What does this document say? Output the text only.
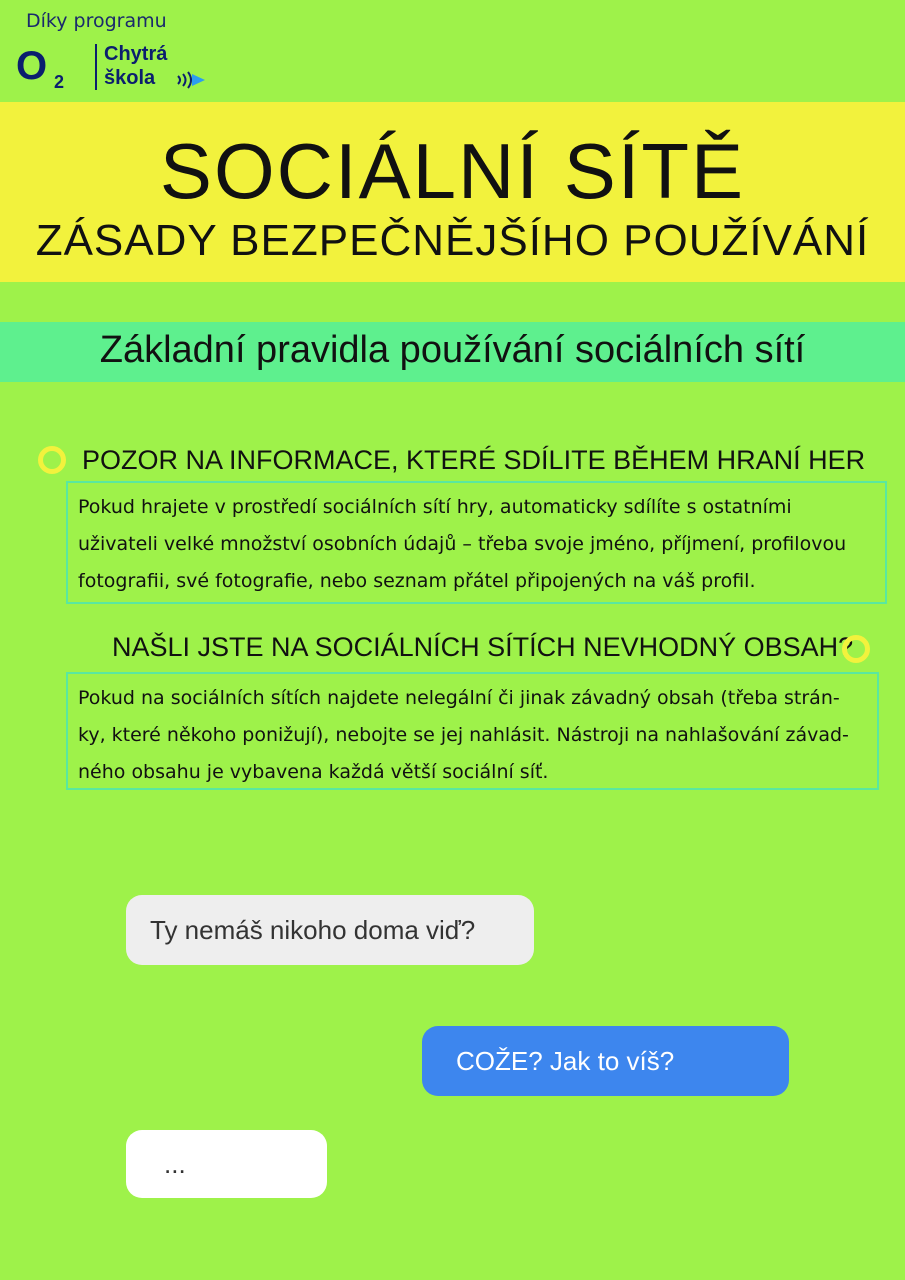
Díky programu
O 2
Chytrá
škola
SOCIÁLNÍ SÍTĚ
ZÁSADY BEZPEČNĚJŠÍHO POUŽÍVÁNÍ
Základní pravidla používání sociálních sítí
POZOR NA INFORMACE, KTERÉ SDÍLITE BĚHEM HRANÍ HER
Pokud hrajete v prostředí sociálních sítí hry, automaticky sdílíte s ostatními
uživateli velké množství osobních údajů – třeba svoje jméno, příjmení, profilovou
fotografii, své fotografie, nebo seznam přátel připojených na váš profil.
NAŠLI JSTE NA SOCIÁLNÍCH SÍTÍCH NEVHODNÝ OBSAH?
Pokud na sociálních sítích najdete nelegální či jinak závadný obsah (třeba strán-
ky, které někoho ponižují), nebojte se jej nahlásit. Nástroji na nahlašování závad-
ného obsahu je vybavena každá větší sociální síť.
Ty nemáš nikoho doma viď?
COŽE? Jak to víš?
...
